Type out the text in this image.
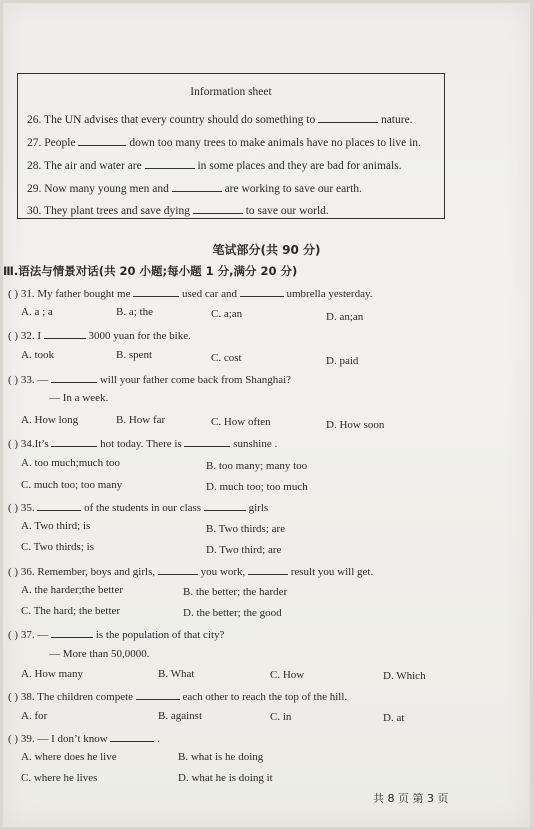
Information sheet
26. The UN advises that every country should do something to	nature.
27. People	down too many trees to make animals have no places to live in.
28. The air and water are	in some places and they are bad for animals.
29. Now many young men and	are working to save our earth.
30. They plant trees and save dying	to save our world.
笔试部分(共 90 分)
Ⅲ.语法与情景对话(共 20 小题;每小题 1 分,满分 20 分)
( ) 31. My father bought me	used car and	umbrella yesterday.
A. a ; a	B. a; the	C. a;an	D. an;an
( ) 32. I	3000 yuan for the bike.
A. took	B. spent	C. cost	D. paid
( ) 33. —	will your father come back from Shanghai?
— In a week.
A. How long	B. How far	C. How often	D. How soon
( ) 34.It’s	hot today. There is	sunshine .
A. too much;much too	B. too many; many too
C. much too; too many	D. much too; too much
( ) 35.	of the students in our class	girls
A. Two third; is	B. Two thirds; are
C. Two thirds; is	D. Two third; are
( ) 36. Remember, boys and girls,	you work,	result you will get.
A. the harder;the better	B. the better; the harder
C. The hard; the better	D. the better; the good
( ) 37. —	is the population of that city?
— More than 50,0000.
A. How many	B. What	C. How	D. Which
( ) 38. The children compete	each other to reach the top of the hill.
A. for	B. against	C. in	D. at
( ) 39. — I don’t know	.
A. where does he live	B. what is he doing
C. where he lives	D. what he is doing it
共 8 页 第 3 页
